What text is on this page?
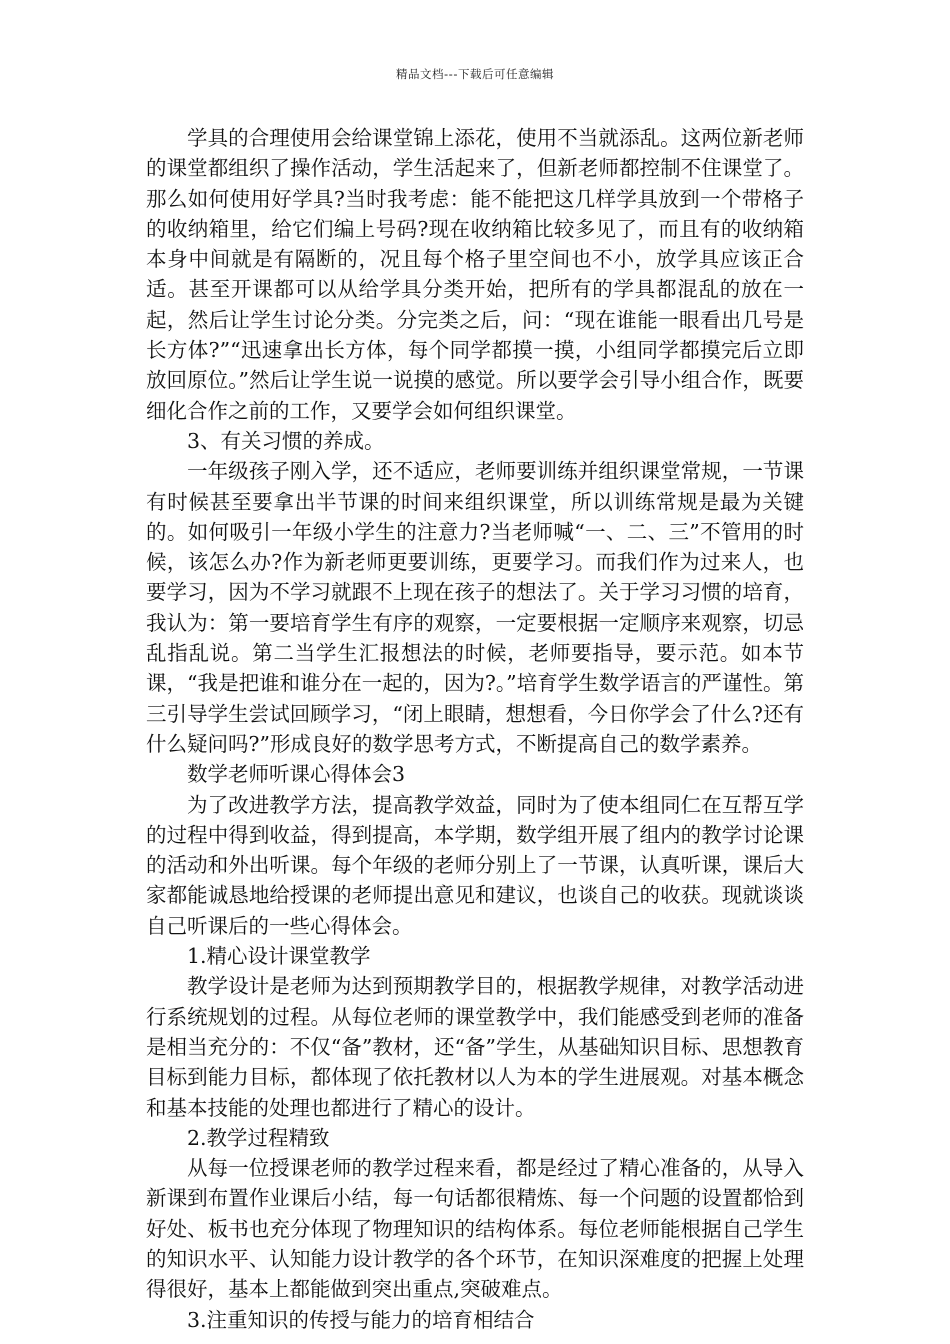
精品文档---下载后可任意编辑

学具的合理使用会给课堂锦上添花，使用不当就添乱。这两位新老师的课堂都组织了操作活动，学生活起来了，但新老师都控制不住课堂了。那么如何使用好学具?当时我考虑：能不能把这几样学具放到一个带格子的收纳箱里，给它们编上号码?现在收纳箱比较多见了，而且有的收纳箱本身中间就是有隔断的，况且每个格子里空间也不小，放学具应该正合适。甚至开课都可以从给学具分类开始，把所有的学具都混乱的放在一起，然后让学生讨论分类。分完类之后，问：“现在谁能一眼看出几号是长方体?”“迅速拿出长方体，每个同学都摸一摸，小组同学都摸完后立即放回原位。”然后让学生说一说摸的感觉。所以要学会引导小组合作，既要细化合作之前的工作，又要学会如何组织课堂。

3、有关习惯的养成。

一年级孩子刚入学，还不适应，老师要训练并组织课堂常规，一节课有时候甚至要拿出半节课的时间来组织课堂，所以训练常规是最为关键的。如何吸引一年级小学生的注意力?当老师喊“一、二、三”不管用的时候，该怎么办?作为新老师更要训练，更要学习。而我们作为过来人，也要学习，因为不学习就跟不上现在孩子的想法了。关于学习习惯的培育，我认为：第一要培育学生有序的观察，一定要根据一定顺序来观察，切忌乱指乱说。第二当学生汇报想法的时候，老师要指导，要示范。如本节课，“我是把谁和谁分在一起的，因为?。”培育学生数学语言的严谨性。第三引导学生尝试回顾学习，“闭上眼睛，想想看，今日你学会了什么?还有什么疑问吗?”形成良好的数学思考方式，不断提高自己的数学素养。

数学老师听课心得体会3

为了改进教学方法，提高教学效益，同时为了使本组同仁在互帮互学的过程中得到收益，得到提高，本学期，数学组开展了组内的教学讨论课的活动和外出听课。每个年级的老师分别上了一节课，认真听课，课后大家都能诚恳地给授课的老师提出意见和建议，也谈自己的收获。现就谈谈自己听课后的一些心得体会。

1.精心设计课堂教学

教学设计是老师为达到预期教学目的，根据教学规律，对教学活动进行系统规划的过程。从每位老师的课堂教学中，我们能感受到老师的准备是相当充分的：不仅“备”教材，还“备”学生，从基础知识目标、思想教育目标到能力目标，都体现了依托教材以人为本的学生进展观。对基本概念和基本技能的处理也都进行了精心的设计。

2.教学过程精致

从每一位授课老师的教学过程来看，都是经过了精心准备的，从导入新课到布置作业课后小结，每一句话都很精炼、每一个问题的设置都恰到好处、板书也充分体现了物理知识的结构体系。每位老师能根据自己学生的知识水平、认知能力设计教学的各个环节，在知识深难度的把握上处理得很好，基本上都能做到突出重点,突破难点。

3.注重知识的传授与能力的培育相结合
